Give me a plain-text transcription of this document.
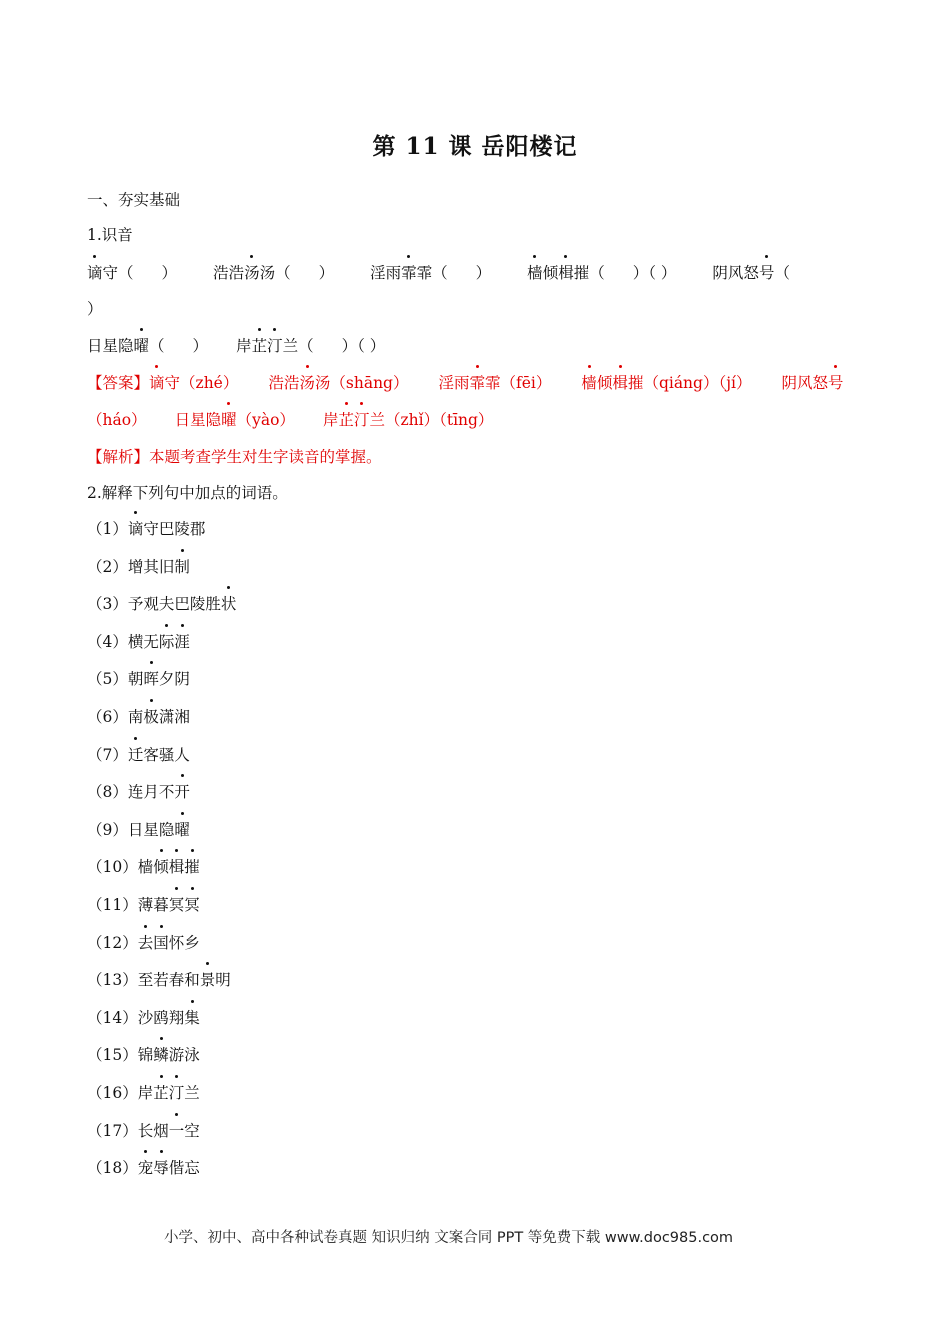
第 11 课 岳阳楼记
一、夯实基础
1.识音
谪守（ ） 浩浩汤汤（ ） 淫雨霏霏（ ） 樯倾楫摧（ ）（ ） 阴风怒号（
）
日星隐曜（ ） 岸芷汀兰（ ）（ ）
【答案】谪守（zhé） 浩浩汤汤（shāng） 淫雨霏霏（fēi） 樯倾楫摧（qiáng）（jí） 阴风怒号
（háo） 日星隐曜（yào） 岸芷汀兰（zhǐ）（tīng）
【解析】本题考查学生对生字读音的掌握。
2.解释下列句中加点的词语。
（1）谪守巴陵郡
（2）增其旧制
（3）予观夫巴陵胜状
（4）横无际涯
（5）朝晖夕阴
（6）南极潇湘
（7）迁客骚人
（8）连月不开
（9）日星隐曜
（10）樯倾楫摧
（11）薄暮冥冥
（12）去国怀乡
（13）至若春和景明
（14）沙鸥翔集
（15）锦鳞游泳
（16）岸芷汀兰
（17）长烟一空
（18）宠辱偕忘
小学、初中、高中各种试卷真题 知识归纳 文案合同 PPT 等免费下载 www.doc985.com
